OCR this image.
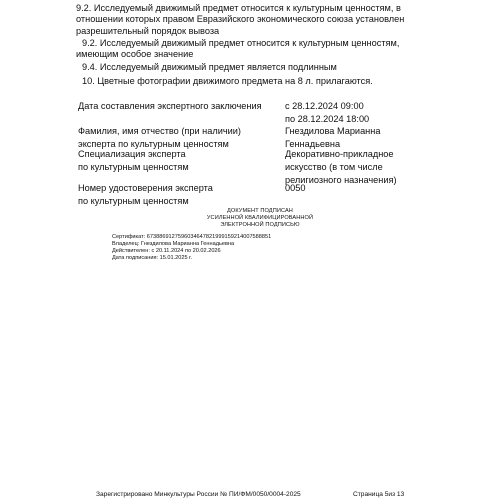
9.2. Исследуемый движимый предмет относится к культурным ценностям, в
отношении которых правом Евразийского экономического союза установлен
разрешительный порядок вывоза
9.2. Исследуемый движимый предмет относится к культурным ценностям,
имеющим особое значение
9.4. Исследуемый движимый предмет является подлинным
10. Цветные фотографии движимого предмета на 8 л. прилагаются.
Дата составления экспертного заключения	с 28.12.2024 09:00
по 28.12.2024 18:00
Фамилия, имя отчество (при наличии)
эксперта по культурным ценностям
Гнездилова Марианна
Геннадьевна
Специализация эксперта
по культурным ценностям
Декоративно-прикладное
искусство (в том числе
религиозного назначения)
Номер удостоверения эксперта
по культурным ценностям
0050
ДОКУМЕНТ ПОДПИСАН
УСИЛЕННОЙ КВАЛИФИЦИРОВАННОЙ
ЭЛЕКТРОННОЙ ПОДПИСЬЮ
Сертификат: 6738869127596034647821999159214007588851
Владелец: Гнездилова Марианна Геннадьевна
Действителен: с 20.11.2024 по 20.02.2026
Дата подписания: 15.01.2025 г.
Зарегистрировано Минкультуры России № ПИ/ФМ/0050/0004-2025	Страница 5из 13
